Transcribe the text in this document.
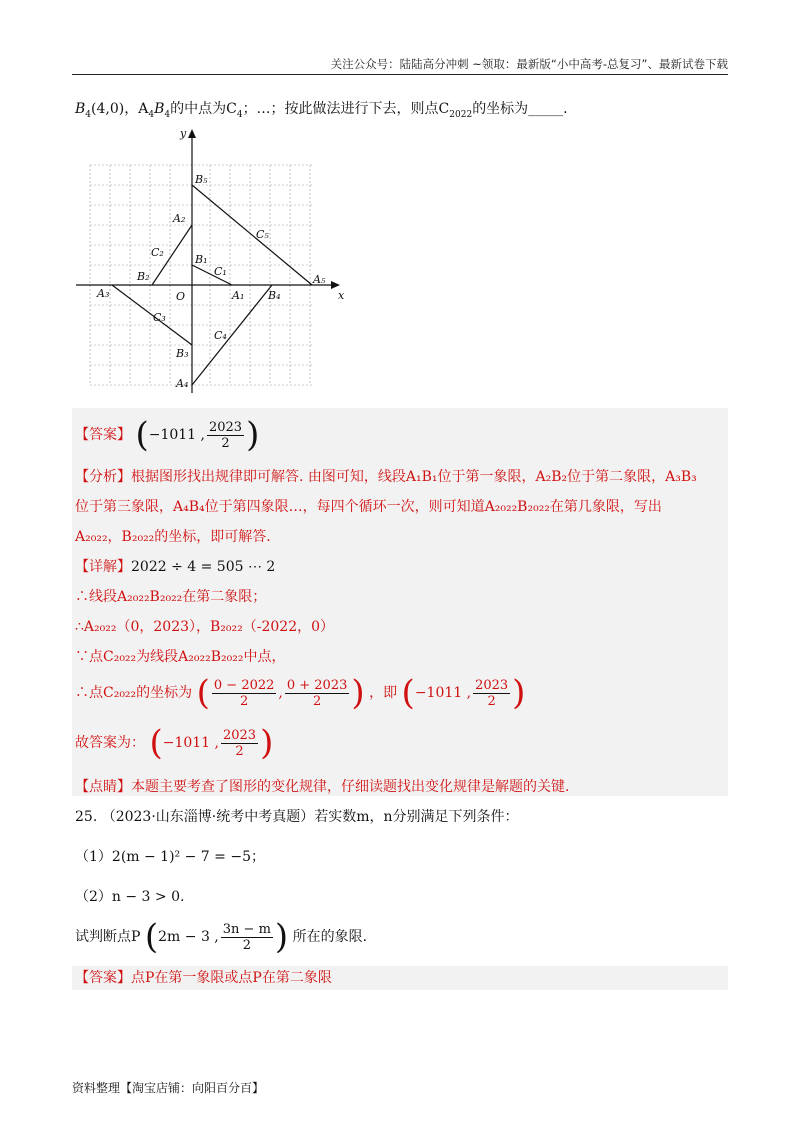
关注公众号：陆陆高分冲刺 ~领取：最新版“小中高考-总复习”、最新试卷下载
$B_4(4,0)$，$A_4B_4$的中点为$C_4$；…；按此做法进行下去，则点$C_{2022}$的坐标为_____.
x
y
O
B₅
A₂
C₅
C₂
B₁
C₁
B₂	A₅
A₃	A₁ B₄
C₃
C₄
B₃
A₄
【答案】 (−1011 , $\frac{2023}{2}$ )
【分析】根据图形找出规律即可解答. 由图可知，线段A₁B₁位于第一象限，A₂B₂位于第二象限，A₃B₃
位于第三象限，A₄B₄位于第四象限…，每四个循环一次，则可知道A₂₀₂₂B₂₀₂₂在第几象限，写出
A₂₀₂₂，B₂₀₂₂的坐标，即可解答.
【详解】2022 ÷ 4 = 505 ⋯ 2
∴线段A₂₀₂₂B₂₀₂₂在第二象限；
∴A₂₀₂₂（0，2023），B₂₀₂₂（-2022，0）
∵点C₂₀₂₂为线段A₂₀₂₂B₂₀₂₂中点，
∴点C₂₀₂₂的坐标为 ( $\frac{0 - 2022}{2}$ , $\frac{0 + 2023}{2}$ ) ，即 (−1011 , $\frac{2023}{2}$ )
故答案为： (−1011 , $\frac{2023}{2}$ )
【点睛】本题主要考查了图形的变化规律，仔细读题找出变化规律是解题的关键.
25. （2023·山东淄博·统考中考真题）若实数m，n分别满足下列条件：
（1）2(m − 1)² − 7 = −5；
（2）n − 3 > 0.
试判断点P (2m − 3 , $\frac{3n - m}{2}$ ) 所在的象限.
【答案】点P在第一象限或点P在第二象限
资料整理【淘宝店铺：向阳百分百】
